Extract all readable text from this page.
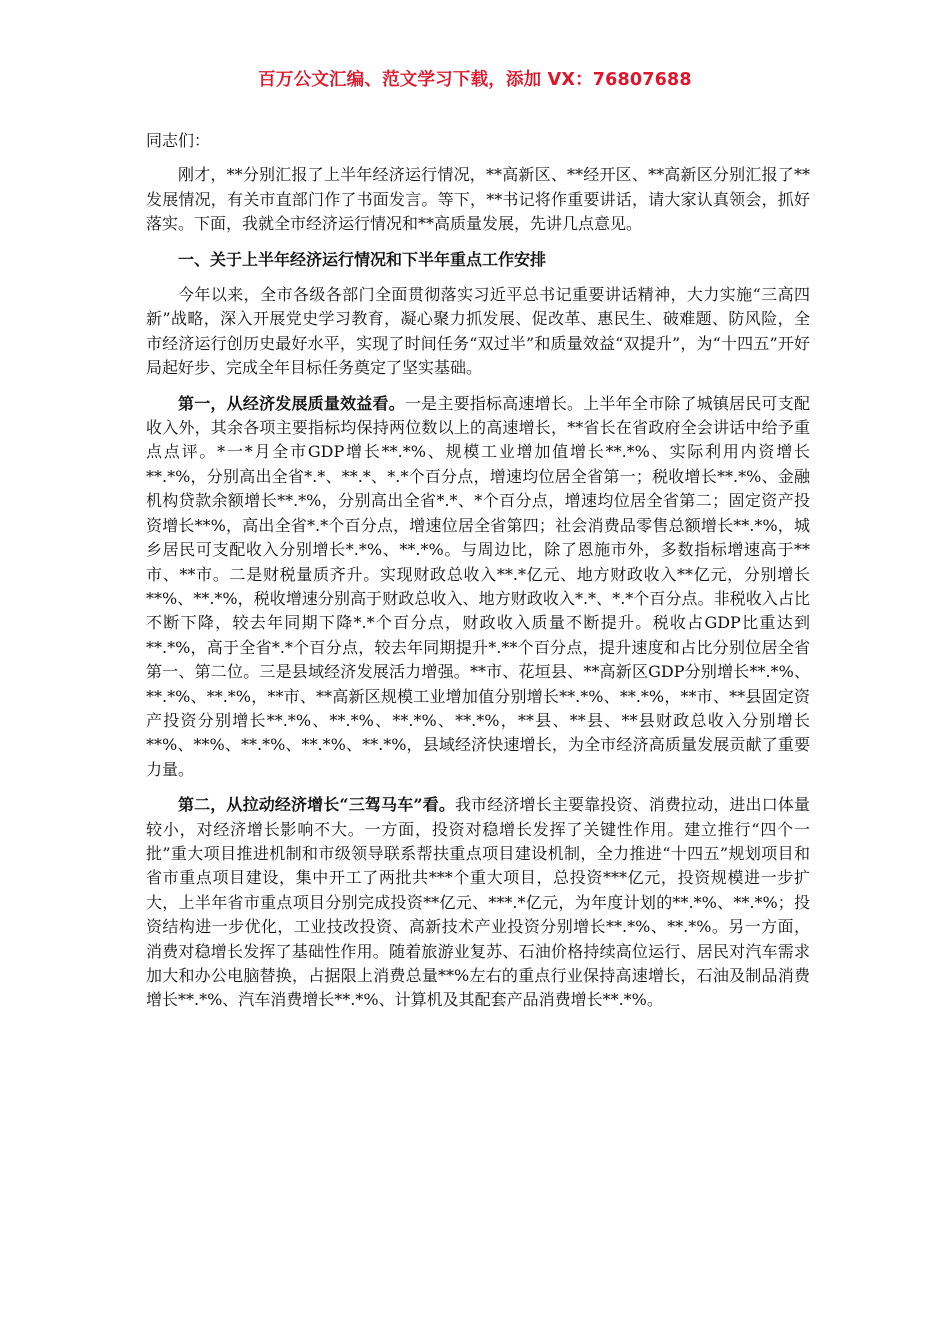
百万公文汇编、范文学习下载，添加 VX：76807688

同志们：

刚才，**分别汇报了上半年经济运行情况，**高新区、**经开区、**高新区分别汇报了**发展情况，有关市直部门作了书面发言。等下，**书记将作重要讲话，请大家认真领会，抓好落实。下面，我就全市经济运行情况和**高质量发展，先讲几点意见。

一、关于上半年经济运行情况和下半年重点工作安排

今年以来，全市各级各部门全面贯彻落实习近平总书记重要讲话精神，大力实施“三高四新”战略，深入开展党史学习教育，凝心聚力抓发展、促改革、惠民生、破难题、防风险，全市经济运行创历史最好水平，实现了时间任务“双过半”和质量效益“双提升”，为“十四五”开好局起好步、完成全年目标任务奠定了坚实基础。

第一，从经济发展质量效益看。一是主要指标高速增长。上半年全市除了城镇居民可支配收入外，其余各项主要指标均保持两位数以上的高速增长，**省长在省政府全会讲话中给予重点点评。*一*月全市GDP增长**.*%、规模工业增加值增长**.*%、实际利用内资增长**.*%，分别高出全省*.*、**.*、*.*个百分点，增速均位居全省第一；税收增长**.*%、金融机构贷款余额增长**.*%，分别高出全省*.*、*个百分点，增速均位居全省第二；固定资产投资增长**%，高出全省*.*个百分点，增速位居全省第四；社会消费品零售总额增长**.*%，城乡居民可支配收入分别增长*.*%、**.*%。与周边比，除了恩施市外，多数指标增速高于**市、**市。二是财税量质齐升。实现财政总收入**.*亿元、地方财政收入**亿元，分别增长**%、**.*%，税收增速分别高于财政总收入、地方财政收入*.*、*.*个百分点。非税收入占比不断下降，较去年同期下降*.*个百分点，财政收入质量不断提升。税收占GDP比重达到**.*%，高于全省*.*个百分点，较去年同期提升*.**个百分点，提升速度和占比分别位居全省第一、第二位。三是县域经济发展活力增强。**市、花垣县、**高新区GDP分别增长**.*%、**.*%、**.*%，**市、**高新区规模工业增加值分别增长**.*%、**.*%，**市、**县固定资产投资分别增长**.*%、**.*%、**.*%、**.*%，**县、**县、**县财政总收入分别增长**%、**%、**.*%、**.*%、**.*%，县域经济快速增长，为全市经济高质量发展贡献了重要力量。

第二，从拉动经济增长“三驾马车”看。我市经济增长主要靠投资、消费拉动，进出口体量较小，对经济增长影响不大。一方面，投资对稳增长发挥了关键性作用。建立推行“四个一批”重大项目推进机制和市级领导联系帮扶重点项目建设机制，全力推进“十四五”规划项目和省市重点项目建设，集中开工了两批共***个重大项目，总投资***亿元，投资规模进一步扩大，上半年省市重点项目分别完成投资**亿元、***.*亿元，为年度计划的**.*%、**.*%；投资结构进一步优化，工业技改投资、高新技术产业投资分别增长**.*%、**.*%。另一方面，消费对稳增长发挥了基础性作用。随着旅游业复苏、石油价格持续高位运行、居民对汽车需求加大和办公电脑替换，占据限上消费总量**%左右的重点行业保持高速增长，石油及制品消费增长**.*%、汽车消费增长**.*%、计算机及其配套产品消费增长**.*%。
